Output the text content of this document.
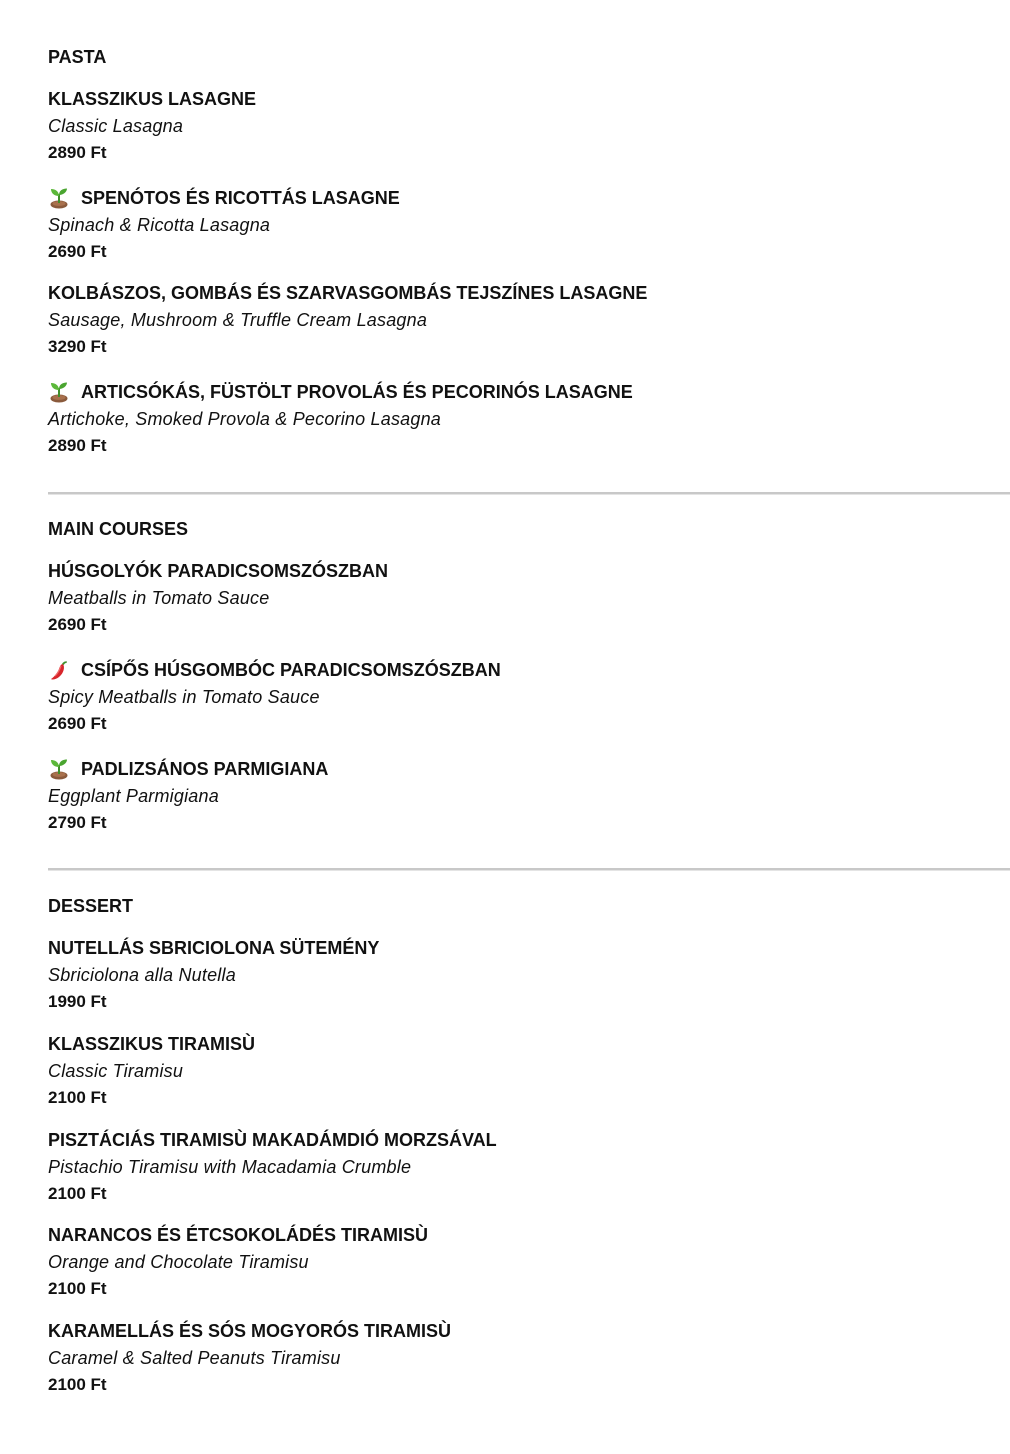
PASTA
KLASSZIKUS LASAGNE
Classic Lasagna
2890 Ft
SPENÓTOS ÉS RICOTTÁS LASAGNE
Spinach & Ricotta Lasagna
2690 Ft
KOLBÁSZOS, GOMBÁS ÉS SZARVASGOMBÁS TEJSZÍNES LASAGNE
Sausage, Mushroom & Truffle Cream Lasagna
3290 Ft
ARTICSÓKÁS, FÜSTÖLT PROVOLÁS ÉS PECORINÓS LASAGNE
Artichoke, Smoked Provola & Pecorino Lasagna
2890 Ft
MAIN COURSES
HÚSGOLYÓK PARADICSOMSZÓSZBAN
Meatballs in Tomato Sauce
2690 Ft
CSÍPŐS HÚSGOMBÓC PARADICSOMSZÓSZBAN
Spicy Meatballs in Tomato Sauce
2690 Ft
PADLIZSÁNOS PARMIGIANA
Eggplant Parmigiana
2790 Ft
DESSERT
NUTELLÁS SBRICIOLONA SÜTEMÉNY
Sbriciolona alla Nutella
1990 Ft
KLASSZIKUS TIRAMISÙ
Classic Tiramisu
2100 Ft
PISZTÁCIÁS TIRAMISÙ MAKADÁMDIÓ MORZSÁVAL
Pistachio Tiramisu with Macadamia Crumble
2100 Ft
NARANCOS ÉS ÉTCSOKOLÁDÉS TIRAMISÙ
Orange and Chocolate Tiramisu
2100 Ft
KARAMELLÁS ÉS SÓS MOGYORÓS TIRAMISÙ
Caramel & Salted Peanuts Tiramisu
2100 Ft
